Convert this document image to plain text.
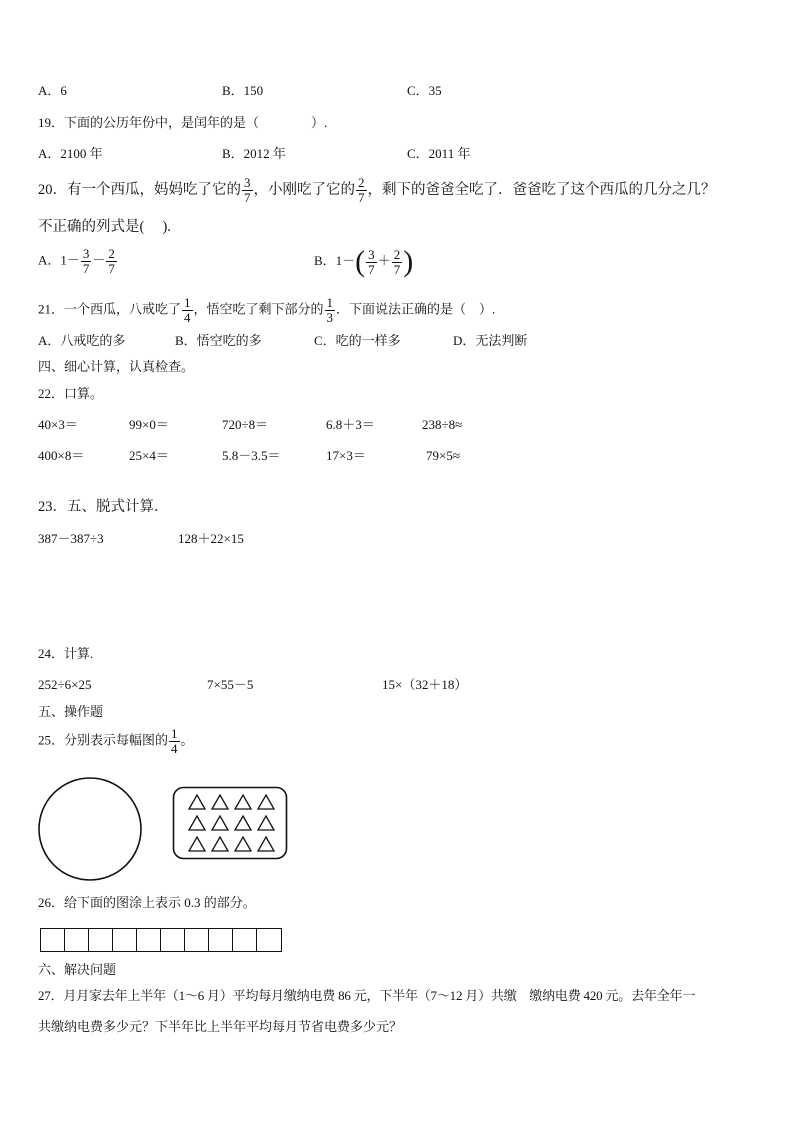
A．6	B．150	C．35
19．下面的公历年份中，是闰年的是（　　　　）.
A．2100 年	B．2012 年	C．2011 年
20．有一个西瓜，妈妈吃了它的 $\frac{3}{7}$ ，小刚吃了它的 $\frac{2}{7}$ ，剩下的爸爸全吃了．爸爸吃了这个西瓜的几分之几？
不正确的列式是(　 ).
A．$1- \frac{3}{7} - \frac{2}{7}$	B．$1-( \frac{3}{7} + \frac{2}{7}$ )
21．一个西瓜，八戒吃了 $\frac{1}{4}$ ，悟空吃了剩下部分的 $\frac{1}{3}$ ．下面说法正确的是（　）.
A．八戒吃的多	B．悟空吃的多	C．吃的一样多	D．无法判断
四、细心计算，认真检查。
22．口算。
40×3＝	99×0＝	720÷8＝	6.8＋3＝	238÷8≈
400×8＝	25×4＝	5.8－3.5＝	17×3＝	79×5≈
23．五、脱式计算．
387－387÷3	128＋22×15
24．计算.
252÷6×25	7×55－5	15×（32＋18）
五、操作题
25．分别表示每幅图的 $\frac{1}{4}$ 。
26．给下面的图涂上表示 0.3 的部分。
六、解决问题
27．月月家去年上半年（1～6 月）平均每月缴纳电费 86 元，下半年（7～12 月）共缴　缴纳电费 420 元。去年全年一
共缴纳电费多少元？下半年比上半年平均每月节省电费多少元？
